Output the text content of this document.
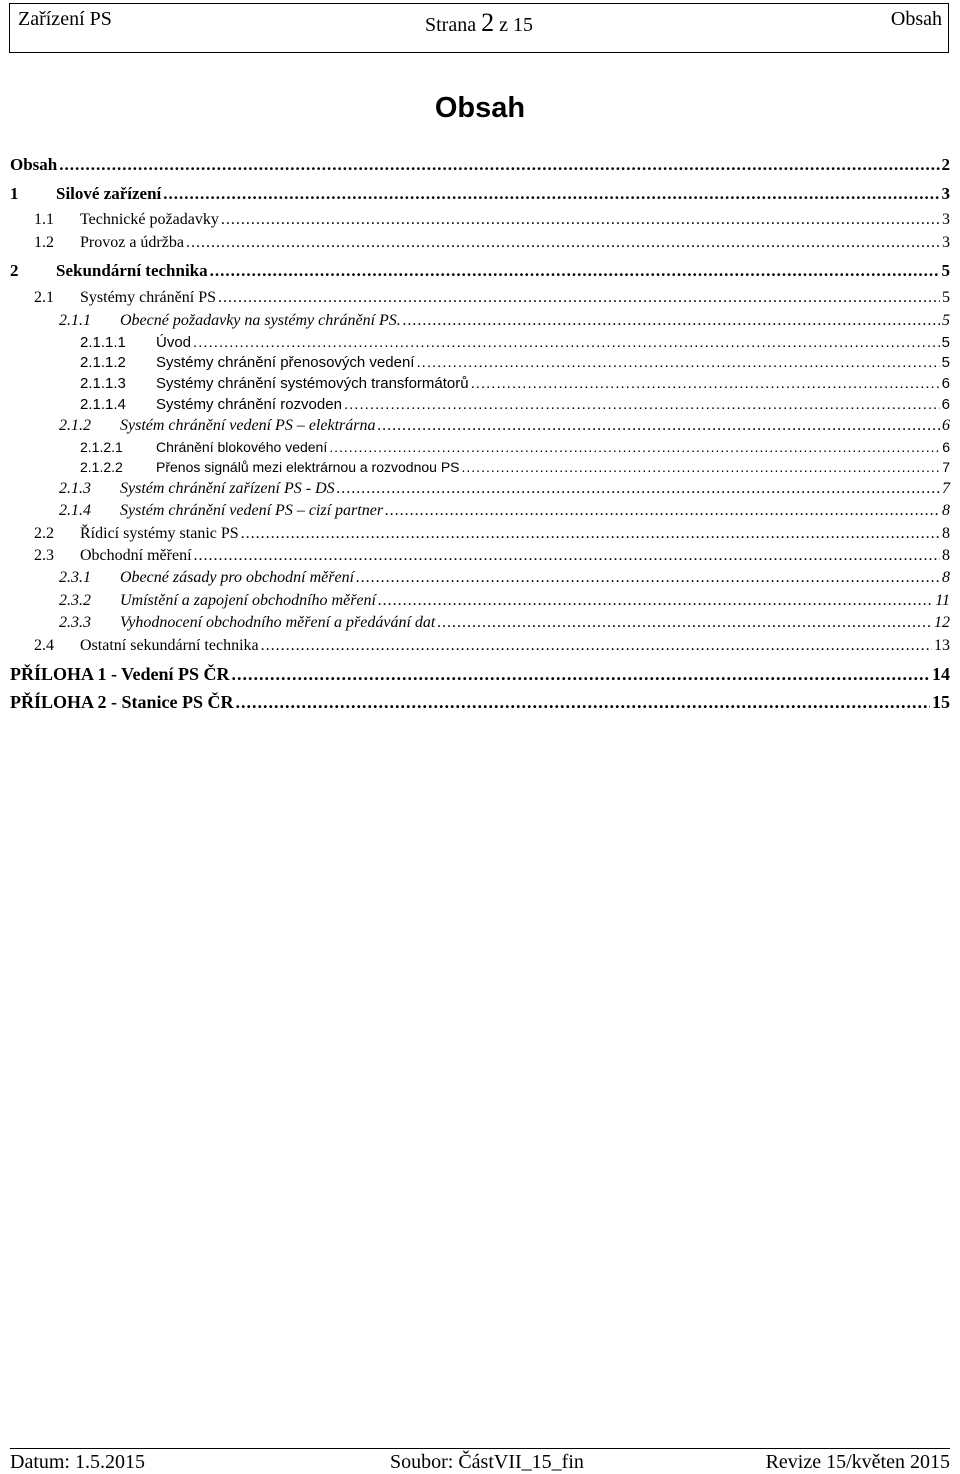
Zařízení PS	Strana 2 z 15	Obsah
Obsah
Obsah .....	2
1	Silové zařízení .....	3
1.1	Technické požadavky .....	3
1.2	Provoz a údržba .....	3
2	Sekundární technika .....	5
2.1	Systémy chránění PS .....	5
2.1.1	Obecné požadavky na systémy chránění PS. .....	5
2.1.1.1	Úvod .....	5
2.1.1.2	Systémy chránění přenosových vedení .....	5
2.1.1.3	Systémy chránění systémových transformátorů .....	6
2.1.1.4	Systémy chránění rozvoden .....	6
2.1.2	Systém chránění vedení PS – elektrárna .....	6
2.1.2.1	Chránění blokového vedení .....	6
2.1.2.2	Přenos signálů mezi elektrárnou a rozvodnou PS .....	7
2.1.3	Systém chránění zařízení PS - DS .....	7
2.1.4	Systém chránění vedení PS – cizí partner .....	8
2.2	Řídicí systémy stanic PS .....	8
2.3	Obchodní měření .....	8
2.3.1	Obecné zásady pro obchodní měření .....	8
2.3.2	Umístění a zapojení obchodního měření .....	11
2.3.3	Vyhodnocení obchodního měření a předávání dat .....	12
2.4	Ostatní sekundární technika .....	13
PŘÍLOHA 1 - Vedení PS ČR .....	14
PŘÍLOHA 2 - Stanice PS ČR .....	15
Datum: 1.5.2015	Soubor: ČástVII_15_fin	Revize 15/květen 2015
